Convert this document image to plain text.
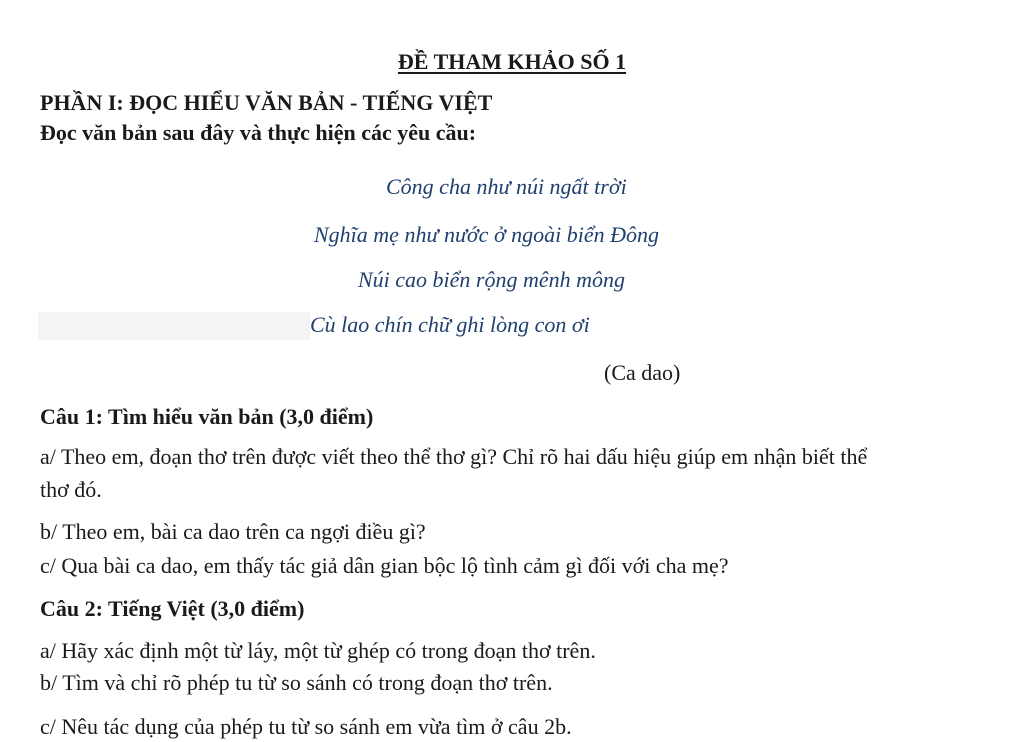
ĐỀ THAM KHẢO SỐ 1
PHẦN I: ĐỌC HIỂU VĂN BẢN - TIẾNG VIỆT
Đọc văn bản sau đây và thực hiện các yêu cầu:
Công cha như núi ngất trời
Nghĩa mẹ như nước ở ngoài biển Đông
Núi cao biển rộng mênh mông
Cù lao chín chữ ghi lòng con ơi
(Ca dao)
Câu 1: Tìm hiểu văn bản (3,0 điểm)
a/ Theo em, đoạn thơ trên được viết theo thể thơ gì? Chỉ rõ hai dấu hiệu giúp em nhận biết thể
thơ đó.
b/ Theo em, bài ca dao trên ca ngợi điều gì?
c/ Qua bài ca dao, em thấy tác giả dân gian bộc lộ tình cảm gì đối với cha mẹ?
Câu 2: Tiếng Việt (3,0 điểm)
a/ Hãy xác định một từ láy, một từ ghép có trong đoạn thơ trên.
b/ Tìm và chỉ rõ phép tu từ so sánh có trong đoạn thơ trên.
c/ Nêu tác dụng của phép tu từ so sánh em vừa tìm ở câu 2b.
